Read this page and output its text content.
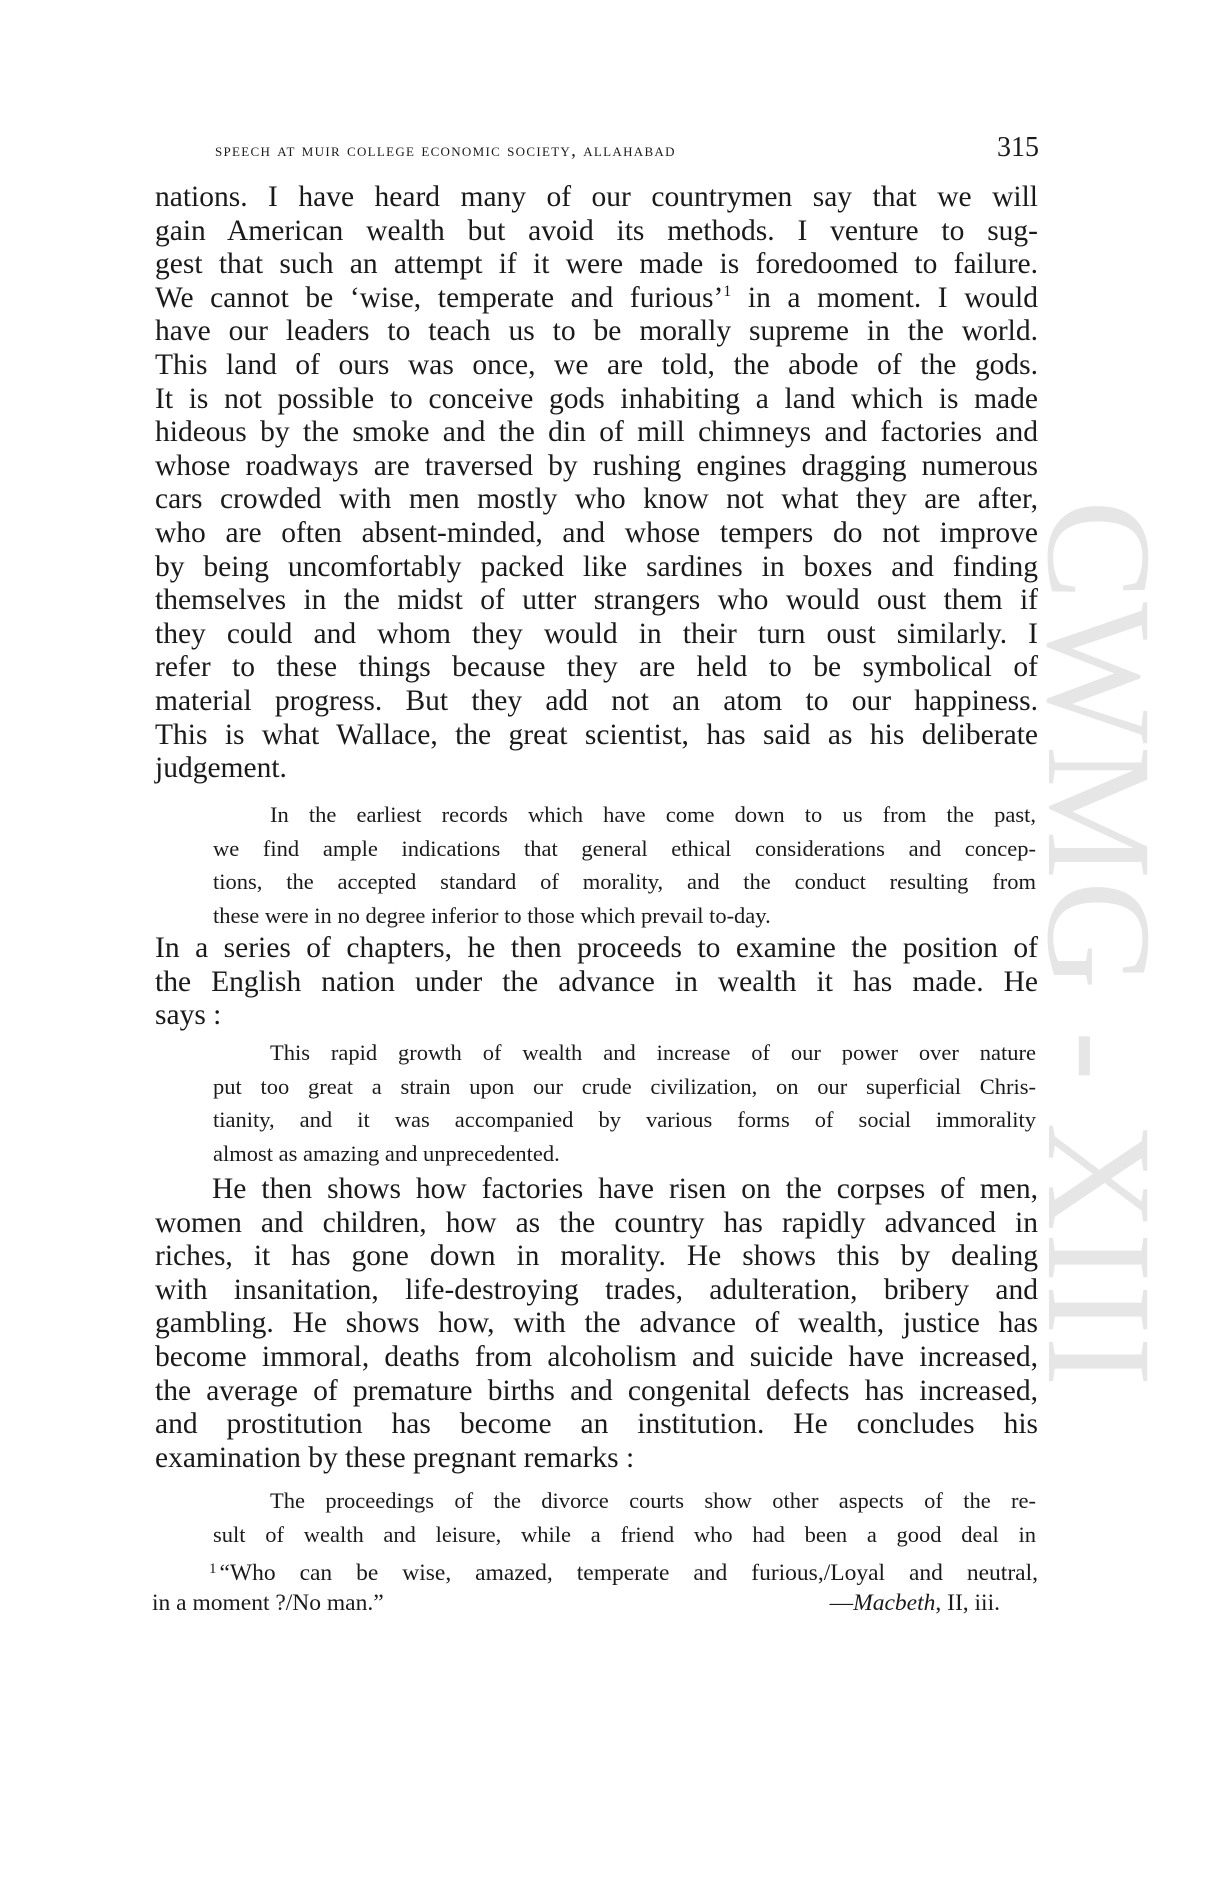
CWMG - XIII
speech at muir college economic society, allahabad	315
nations. I have heard many of our countrymen say that we will
gain American wealth but avoid its methods. I venture to sug-
gest that such an attempt if it were made is foredoomed to failure.
We cannot be ‘wise, temperate and furious’$^1$ in a moment. I would
have our leaders to teach us to be morally supreme in the world.
This land of ours was once, we are told, the abode of the gods.
It is not possible to conceive gods inhabiting a land which is made
hideous by the smoke and the din of mill chimneys and factories and
whose roadways are traversed by rushing engines dragging numerous
cars crowded with men mostly who know not what they are after,
who are often absent-minded, and whose tempers do not improve
by being uncomfortably packed like sardines in boxes and finding
themselves in the midst of utter strangers who would oust them if
they could and whom they would in their turn oust similarly. I
refer to these things because they are held to be symbolical of
material progress. But they add not an atom to our happiness.
This is what Wallace, the great scientist, has said as his deliberate
judgement.
In the earliest records which have come down to us from the past,
we find ample indications that general ethical considerations and concep-
tions, the accepted standard of morality, and the conduct resulting from
these were in no degree inferior to those which prevail to-day.
In a series of chapters, he then proceeds to examine the position of
the English nation under the advance in wealth it has made. He
says :
This rapid growth of wealth and increase of our power over nature
put too great a strain upon our crude civilization, on our superficial Chris-
tianity, and it was accompanied by various forms of social immorality
almost as amazing and unprecedented.
He then shows how factories have risen on the corpses of men,
women and children, how as the country has rapidly advanced in
riches, it has gone down in morality. He shows this by dealing
with insanitation, life-destroying trades, adulteration, bribery and
gambling. He shows how, with the advance of wealth, justice has
become immoral, deaths from alcoholism and suicide have increased,
the average of premature births and congenital defects has increased,
and prostitution has become an institution. He concludes his
examination by these pregnant remarks :
The proceedings of the divorce courts show other aspects of the re-
sult of wealth and leisure, while a friend who had been a good deal in
$^1$ “Who can be wise, amazed, temperate and furious,/Loyal and neutral,
in a moment ?/No man.”	—Macbeth, II, iii.
